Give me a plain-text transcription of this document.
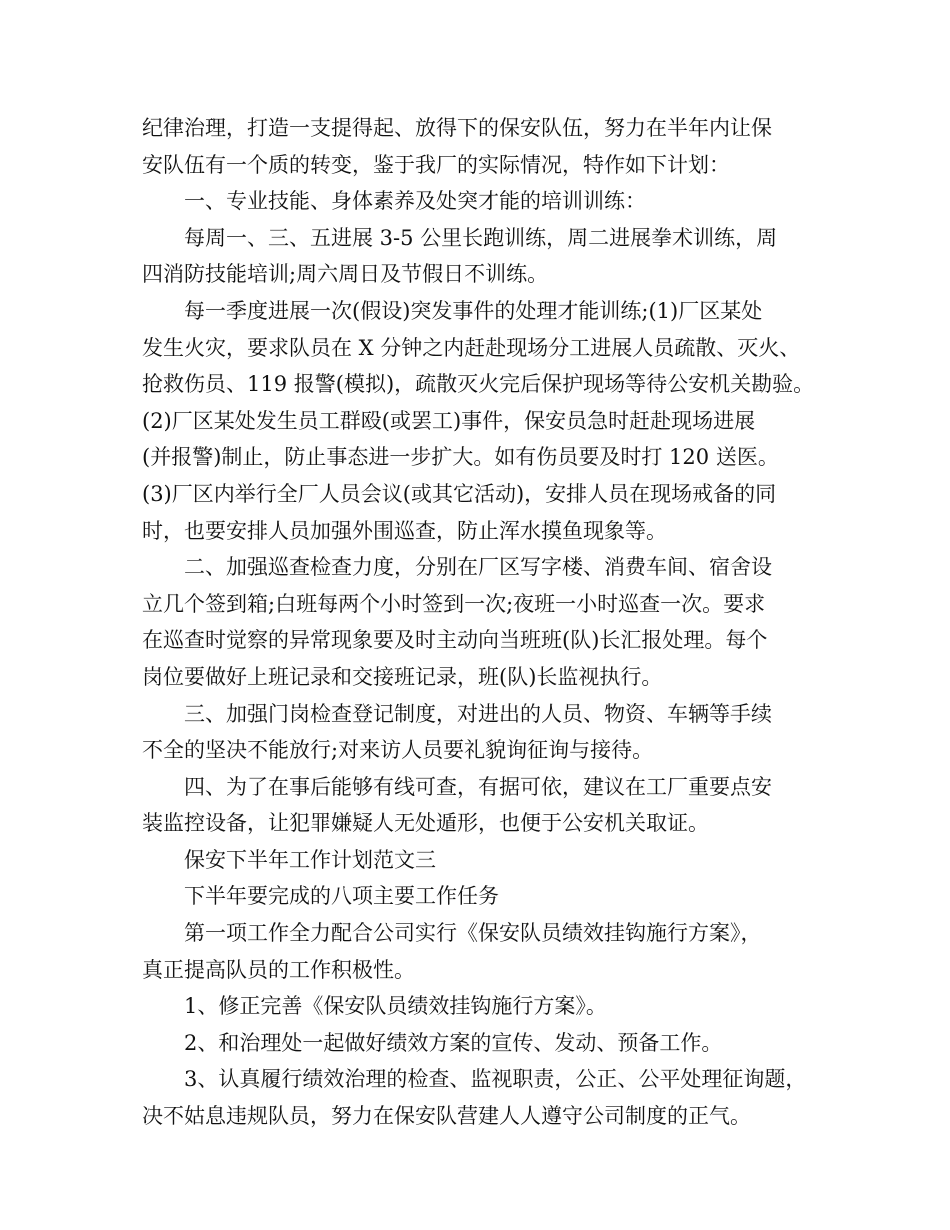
纪律治理，打造一支提得起、放得下的保安队伍，努力在半年内让保
安队伍有一个质的转变，鉴于我厂的实际情况，特作如下计划：
一、专业技能、身体素养及处突才能的培训训练：
每周一、三、五进展 3-5 公里长跑训练，周二进展拳术训练，周
四消防技能培训;周六周日及节假日不训练。
每一季度进展一次(假设)突发事件的处理才能训练;(1)厂区某处
发生火灾，要求队员在 X 分钟之内赶赴现场分工进展人员疏散、灭火、
抢救伤员、119 报警(模拟)，疏散灭火完后保护现场等待公安机关勘验。
(2)厂区某处发生员工群殴(或罢工)事件，保安员急时赶赴现场进展
(并报警)制止，防止事态进一步扩大。如有伤员要及时打 120 送医。
(3)厂区内举行全厂人员会议(或其它活动)，安排人员在现场戒备的同
时，也要安排人员加强外围巡查，防止浑水摸鱼现象等。
二、加强巡查检查力度，分别在厂区写字楼、消费车间、宿舍设
立几个签到箱;白班每两个小时签到一次;夜班一小时巡查一次。要求
在巡查时觉察的异常现象要及时主动向当班班(队)长汇报处理。每个
岗位要做好上班记录和交接班记录，班(队)长监视执行。
三、加强门岗检查登记制度，对进出的人员、物资、车辆等手续
不全的坚决不能放行;对来访人员要礼貌询征询与接待。
四、为了在事后能够有线可查，有据可依，建议在工厂重要点安
装监控设备，让犯罪嫌疑人无处遁形，也便于公安机关取证。
保安下半年工作计划范文三
下半年要完成的八项主要工作任务
第一项工作全力配合公司实行《保安队员绩效挂钩施行方案》，
真正提高队员的工作积极性。
1、修正完善《保安队员绩效挂钩施行方案》。
2、和治理处一起做好绩效方案的宣传、发动、预备工作。
3、认真履行绩效治理的检查、监视职责，公正、公平处理征询题，
决不姑息违规队员，努力在保安队营建人人遵守公司制度的正气。
